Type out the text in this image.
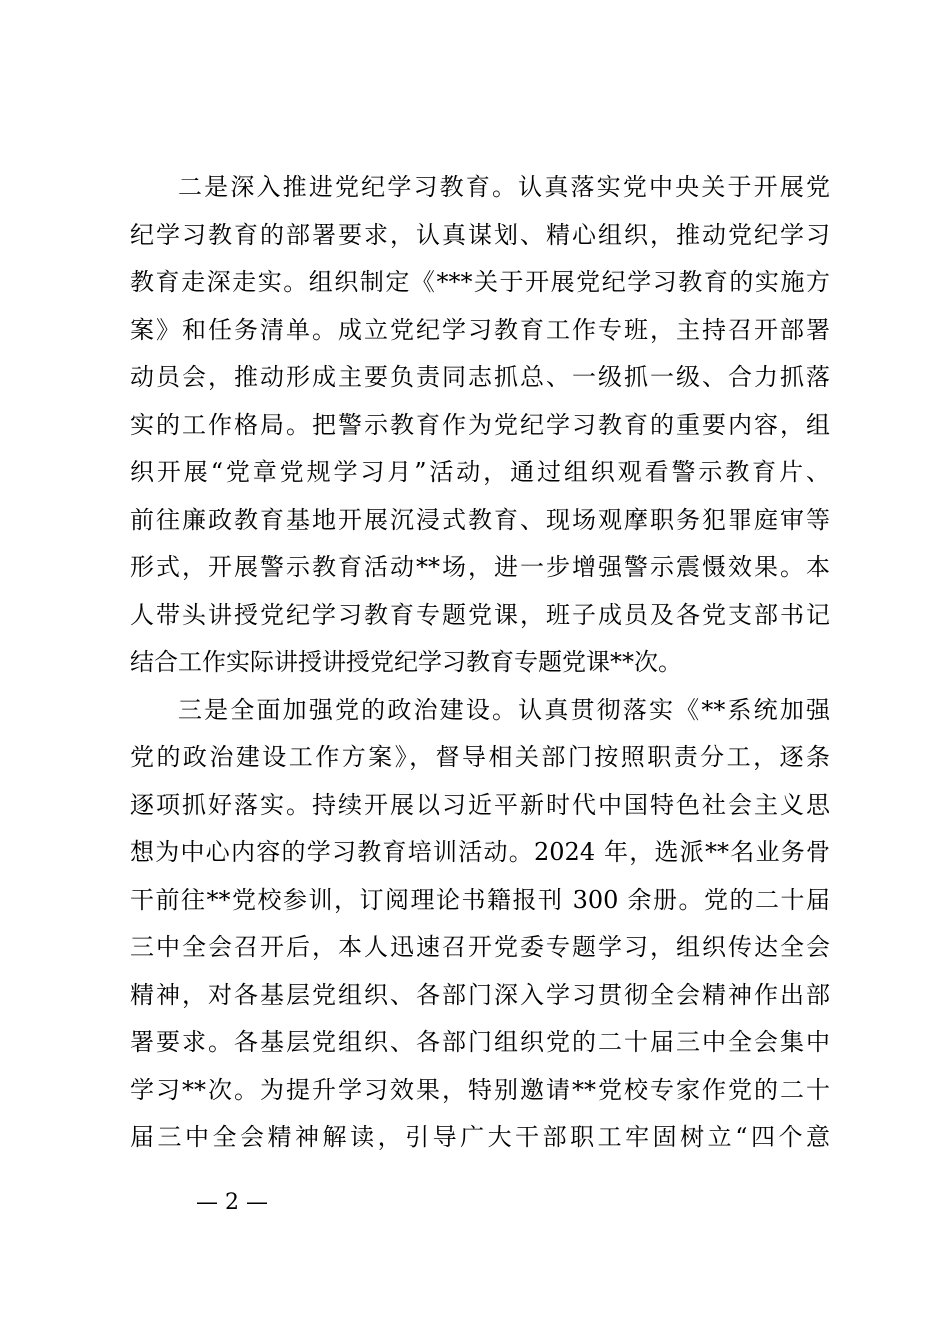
二是深入推进党纪学习教育。认真落实党中央关于开展党
纪学习教育的部署要求，认真谋划、精心组织，推动党纪学习
教育走深走实。组织制定《***关于开展党纪学习教育的实施方
案》和任务清单。成立党纪学习教育工作专班，主持召开部署
动员会，推动形成主要负责同志抓总、一级抓一级、合力抓落
实的工作格局。把警示教育作为党纪学习教育的重要内容，组
织开展“党章党规学习月”活动，通过组织观看警示教育片、
前往廉政教育基地开展沉浸式教育、现场观摩职务犯罪庭审等
形式，开展警示教育活动**场，进一步增强警示震慑效果。本
人带头讲授党纪学习教育专题党课，班子成员及各党支部书记
结合工作实际讲授讲授党纪学习教育专题党课**次。
三是全面加强党的政治建设。认真贯彻落实《**系统加强
党的政治建设工作方案》，督导相关部门按照职责分工，逐条
逐项抓好落实。持续开展以习近平新时代中国特色社会主义思
想为中心内容的学习教育培训活动。2024 年，选派**名业务骨
干前往**党校参训，订阅理论书籍报刊 300 余册。党的二十届
三中全会召开后，本人迅速召开党委专题学习，组织传达全会
精神，对各基层党组织、各部门深入学习贯彻全会精神作出部
署要求。各基层党组织、各部门组织党的二十届三中全会集中
学习**次。为提升学习效果，特别邀请**党校专家作党的二十
届三中全会精神解读，引导广大干部职工牢固树立“四个意
— 2 —
